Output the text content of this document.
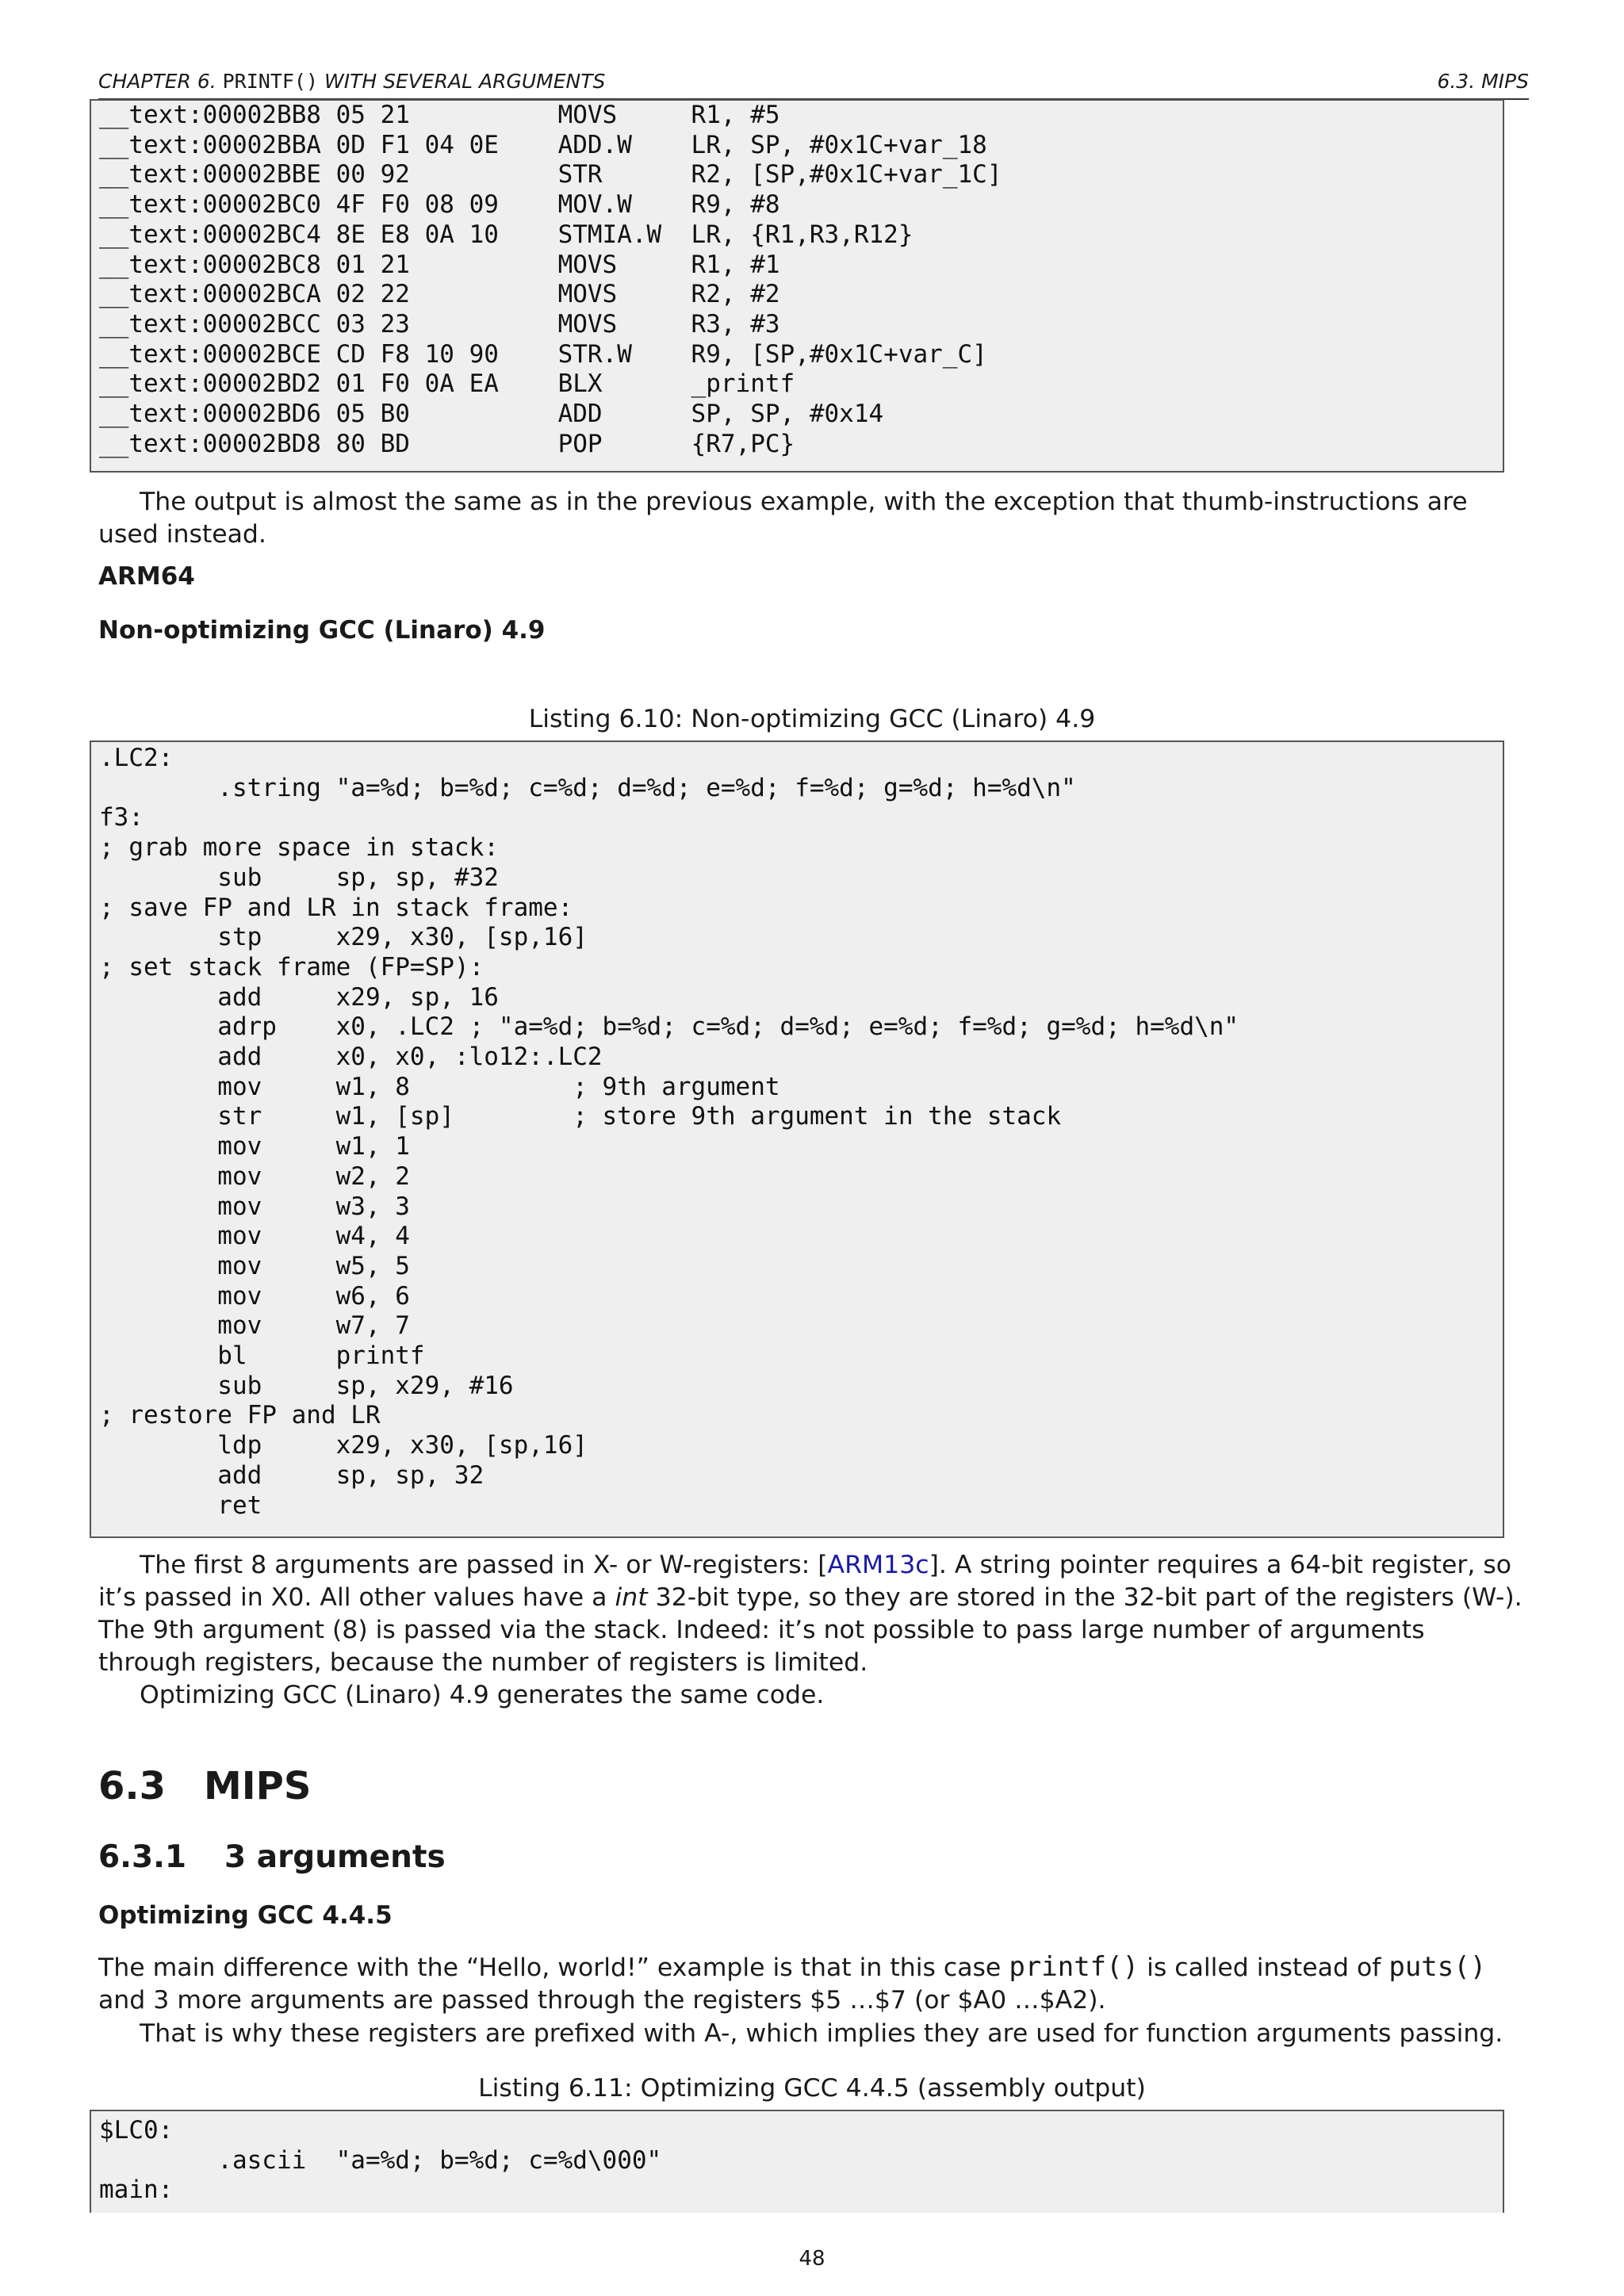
CHAPTER 6. PRINTF() WITH SEVERAL ARGUMENTS	6.3. MIPS
__text:00002BB8 05 21          MOVS     R1, #5
__text:00002BBA 0D F1 04 0E    ADD.W    LR, SP, #0x1C+var_18
__text:00002BBE 00 92          STR      R2, [SP,#0x1C+var_1C]
__text:00002BC0 4F F0 08 09    MOV.W    R9, #8
__text:00002BC4 8E E8 0A 10    STMIA.W  LR, {R1,R3,R12}
__text:00002BC8 01 21          MOVS     R1, #1
__text:00002BCA 02 22          MOVS     R2, #2
__text:00002BCC 03 23          MOVS     R3, #3
__text:00002BCE CD F8 10 90    STR.W    R9, [SP,#0x1C+var_C]
__text:00002BD2 01 F0 0A EA    BLX      _printf
__text:00002BD6 05 B0          ADD      SP, SP, #0x14
__text:00002BD8 80 BD          POP      {R7,PC}
The output is almost the same as in the previous example, with the exception that thumb-instructions are used instead.
ARM64
Non-optimizing GCC (Linaro) 4.9
Listing 6.10: Non-optimizing GCC (Linaro) 4.9
.LC2:
.string "a=%d; b=%d; c=%d; d=%d; e=%d; f=%d; g=%d; h=%d\n"
f3:
; grab more space in stack:
sub     sp, sp, #32
; save FP and LR in stack frame:
stp     x29, x30, [sp,16]
; set stack frame (FP=SP):
add     x29, sp, 16
adrp    x0, .LC2 ; "a=%d; b=%d; c=%d; d=%d; e=%d; f=%d; g=%d; h=%d\n"
add     x0, x0, :lo12:.LC2
mov     w1, 8           ; 9th argument
str     w1, [sp]        ; store 9th argument in the stack
mov     w1, 1
mov     w2, 2
mov     w3, 3
mov     w4, 4
mov     w5, 5
mov     w6, 6
mov     w7, 7
bl      printf
sub     sp, x29, #16
; restore FP and LR
ldp     x29, x30, [sp,16]
add     sp, sp, 32
ret
The first 8 arguments are passed in X- or W-registers: [ARM13c]. A string pointer requires a 64-bit register, so it’s passed in X0. All other values have a int 32-bit type, so they are stored in the 32-bit part of the registers (W-). The 9th argument (8) is passed via the stack. Indeed: it’s not possible to pass large number of arguments through registers, because the number of registers is limited.
Optimizing GCC (Linaro) 4.9 generates the same code.
6.3 MIPS
6.3.1 3 arguments
Optimizing GCC 4.4.5
The main difference with the “Hello, world!” example is that in this case printf() is called instead of puts() and 3 more arguments are passed through the registers $5 …$7 (or $A0 …$A2).
That is why these registers are prefixed with A-, which implies they are used for function arguments passing.
Listing 6.11: Optimizing GCC 4.4.5 (assembly output)
$LC0:
.ascii  "a=%d; b=%d; c=%d\000"
main:
48
